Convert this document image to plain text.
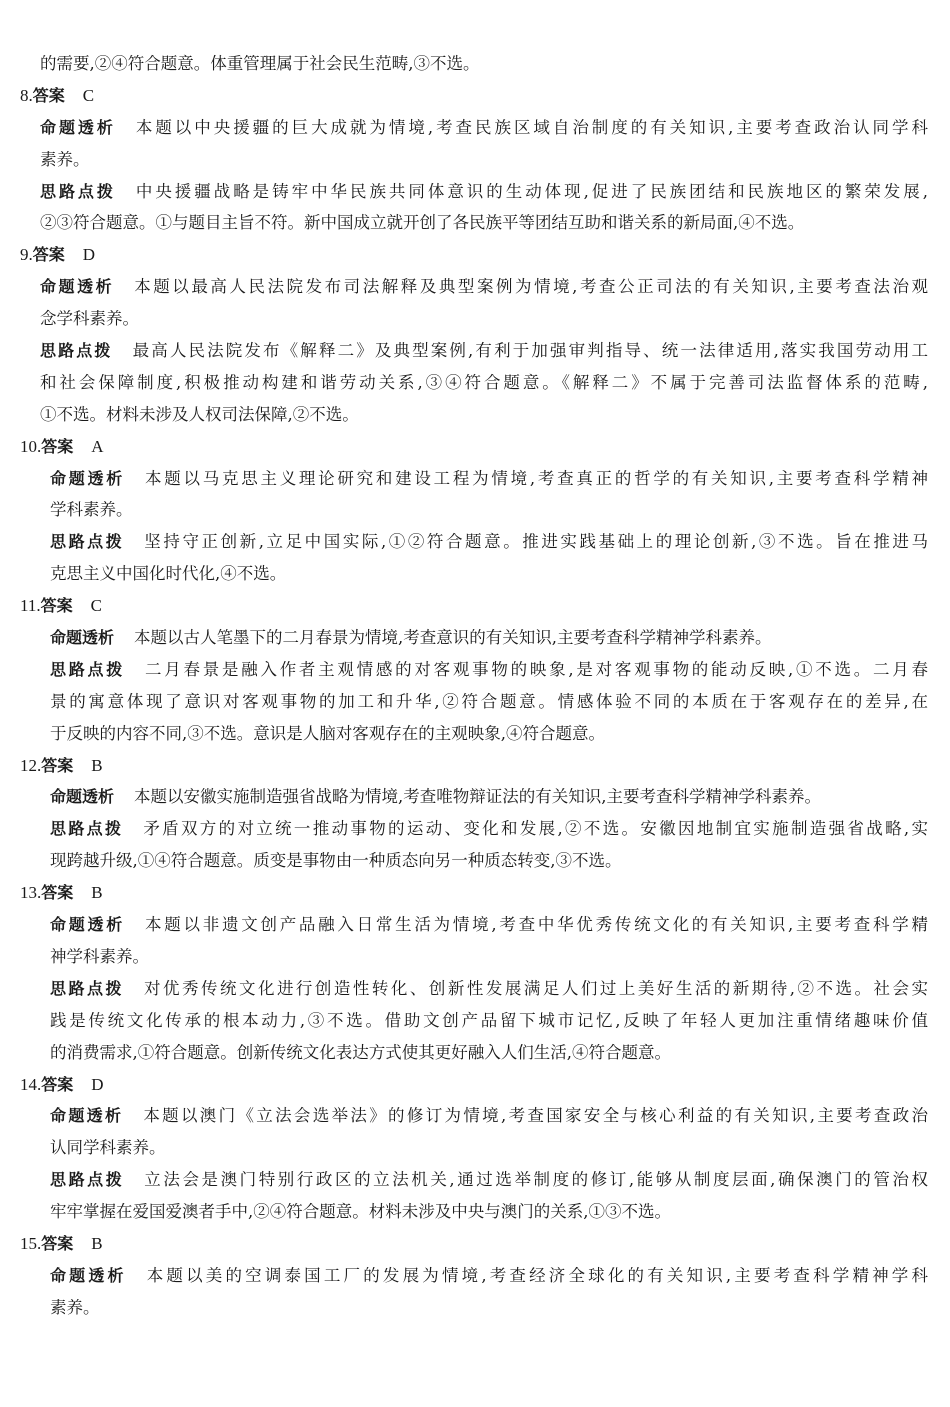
的需要,②④符合题意。体重管理属于社会民生范畴,③不选。
8.答案 C
命题透析 本题以中央援疆的巨大成就为情境,考查民族区域自治制度的有关知识,主要考查政治认同学科
素养。
思路点拨 中央援疆战略是铸牢中华民族共同体意识的生动体现,促进了民族团结和民族地区的繁荣发展,
②③符合题意。①与题目主旨不符。新中国成立就开创了各民族平等团结互助和谐关系的新局面,④不选。
9.答案 D
命题透析 本题以最高人民法院发布司法解释及典型案例为情境,考查公正司法的有关知识,主要考查法治观
念学科素养。
思路点拨 最高人民法院发布《解释二》及典型案例,有利于加强审判指导、统一法律适用,落实我国劳动用工
和社会保障制度,积极推动构建和谐劳动关系,③④符合题意。《解释二》不属于完善司法监督体系的范畴,
①不选。材料未涉及人权司法保障,②不选。
10.答案 A
命题透析 本题以马克思主义理论研究和建设工程为情境,考查真正的哲学的有关知识,主要考查科学精神
学科素养。
思路点拨 坚持守正创新,立足中国实际,①②符合题意。推进实践基础上的理论创新,③不选。旨在推进马
克思主义中国化时代化,④不选。
11.答案 C
命题透析 本题以古人笔墨下的二月春景为情境,考查意识的有关知识,主要考查科学精神学科素养。
思路点拨 二月春景是融入作者主观情感的对客观事物的映象,是对客观事物的能动反映,①不选。二月春
景的寓意体现了意识对客观事物的加工和升华,②符合题意。情感体验不同的本质在于客观存在的差异,在
于反映的内容不同,③不选。意识是人脑对客观存在的主观映象,④符合题意。
12.答案 B
命题透析 本题以安徽实施制造强省战略为情境,考查唯物辩证法的有关知识,主要考查科学精神学科素养。
思路点拨 矛盾双方的对立统一推动事物的运动、变化和发展,②不选。安徽因地制宜实施制造强省战略,实
现跨越升级,①④符合题意。质变是事物由一种质态向另一种质态转变,③不选。
13.答案 B
命题透析 本题以非遗文创产品融入日常生活为情境,考查中华优秀传统文化的有关知识,主要考查科学精
神学科素养。
思路点拨 对优秀传统文化进行创造性转化、创新性发展满足人们过上美好生活的新期待,②不选。社会实
践是传统文化传承的根本动力,③不选。借助文创产品留下城市记忆,反映了年轻人更加注重情绪趣味价值
的消费需求,①符合题意。创新传统文化表达方式使其更好融入人们生活,④符合题意。
14.答案 D
命题透析 本题以澳门《立法会选举法》的修订为情境,考查国家安全与核心利益的有关知识,主要考查政治
认同学科素养。
思路点拨 立法会是澳门特别行政区的立法机关,通过选举制度的修订,能够从制度层面,确保澳门的管治权
牢牢掌握在爱国爱澳者手中,②④符合题意。材料未涉及中央与澳门的关系,①③不选。
15.答案 B
命题透析 本题以美的空调泰国工厂的发展为情境,考查经济全球化的有关知识,主要考查科学精神学科
素养。
